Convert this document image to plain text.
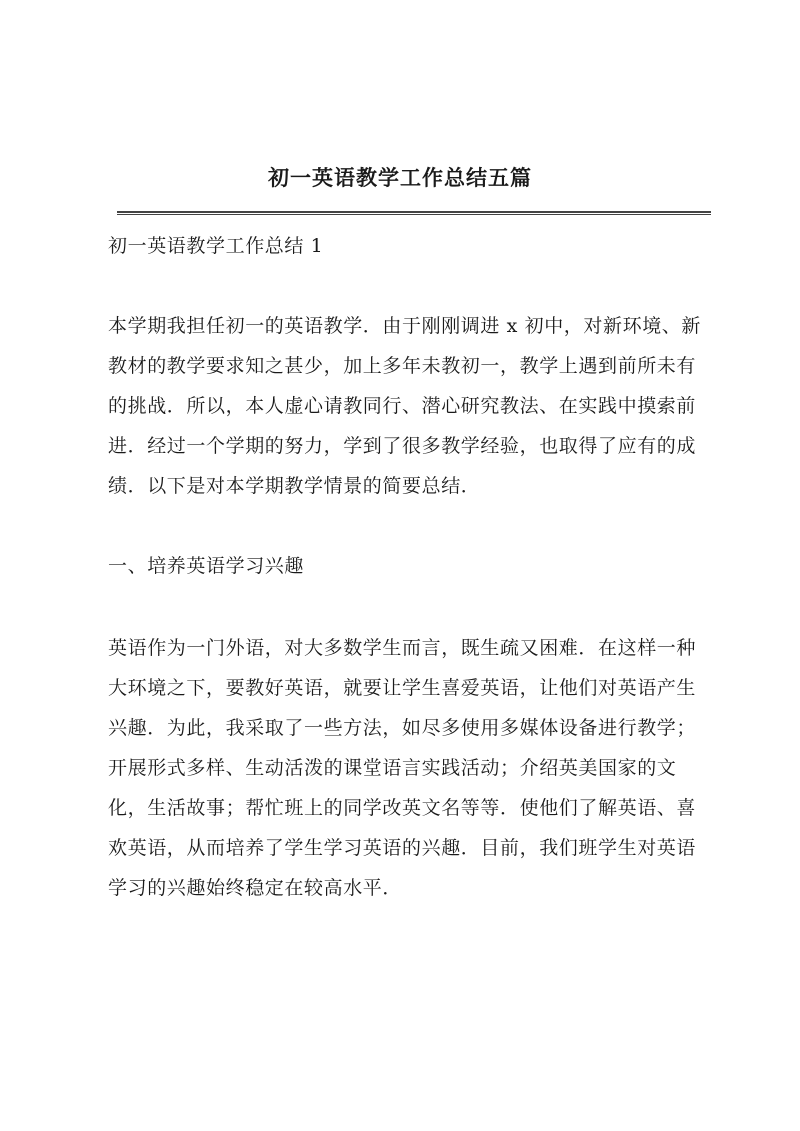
初一英语教学工作总结五篇

初一英语教学工作总结 1

本学期我担任初一的英语教学．由于刚刚调进 x 初中，对新环境、新教材的教学要求知之甚少，加上多年未教初一，教学上遇到前所未有的挑战．所以，本人虚心请教同行、潜心研究教法、在实践中摸索前进．经过一个学期的努力，学到了很多教学经验，也取得了应有的成绩．以下是对本学期教学情景的简要总结．

一、培养英语学习兴趣

英语作为一门外语，对大多数学生而言，既生疏又困难．在这样一种大环境之下，要教好英语，就要让学生喜爱英语，让他们对英语产生兴趣．为此，我采取了一些方法，如尽多使用多媒体设备进行教学；开展形式多样、生动活泼的课堂语言实践活动；介绍英美国家的文化，生活故事；帮忙班上的同学改英文名等等．使他们了解英语、喜欢英语，从而培养了学生学习英语的兴趣．目前，我们班学生对英语学习的兴趣始终稳定在较高水平．
